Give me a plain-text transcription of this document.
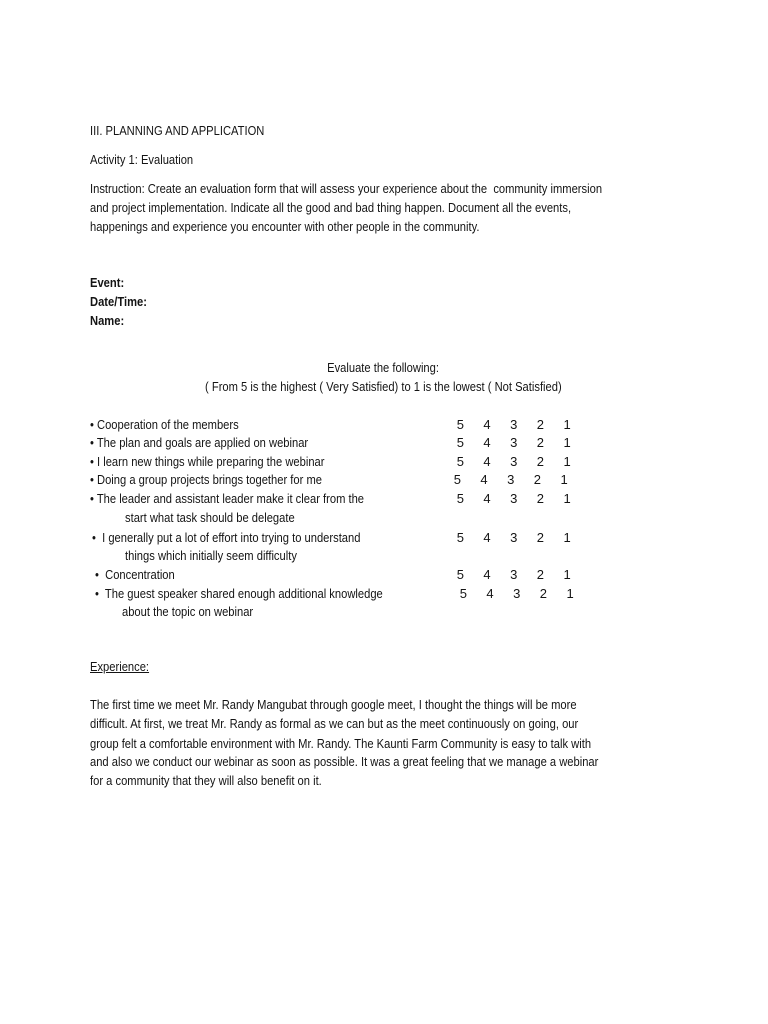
III. PLANNING AND APPLICATION
Activity 1: Evaluation
Instruction: Create an evaluation form that will assess your experience about the  community immersion
and project implementation. Indicate all the good and bad thing happen. Document all the events,
happenings and experience you encounter with other people in the community.
Event:
Date/Time:
Name:
Evaluate the following:
( From 5 is the highest ( Very Satisfied) to 1 is the lowest ( Not Satisfied)
• Cooperation of the members	5	4	3	2	1
• The plan and goals are applied on webinar	5	4	3	2	1
• I learn new things while preparing the webinar	5	4	3	2	1
• Doing a group projects brings together for me	5	4	3	2	1
• The leader and assistant leader make it clear from the
start what task should be delegate
5	4	3	2	1
•  I generally put a lot of effort into trying to understand
things which initially seem difficulty
5	4	3	2	1
•  Concentration	5	4	3	2	1
•  The guest speaker shared enough additional knowledge
about the topic on webinar
5	4	3	2	1
Experience:
The first time we meet Mr. Randy Mangubat through google meet, I thought the things will be more
difficult. At first, we treat Mr. Randy as formal as we can but as the meet continuously on going, our
group felt a comfortable environment with Mr. Randy. The Kaunti Farm Community is easy to talk with
and also we conduct our webinar as soon as possible. It was a great feeling that we manage a webinar
for a community that they will also benefit on it.
